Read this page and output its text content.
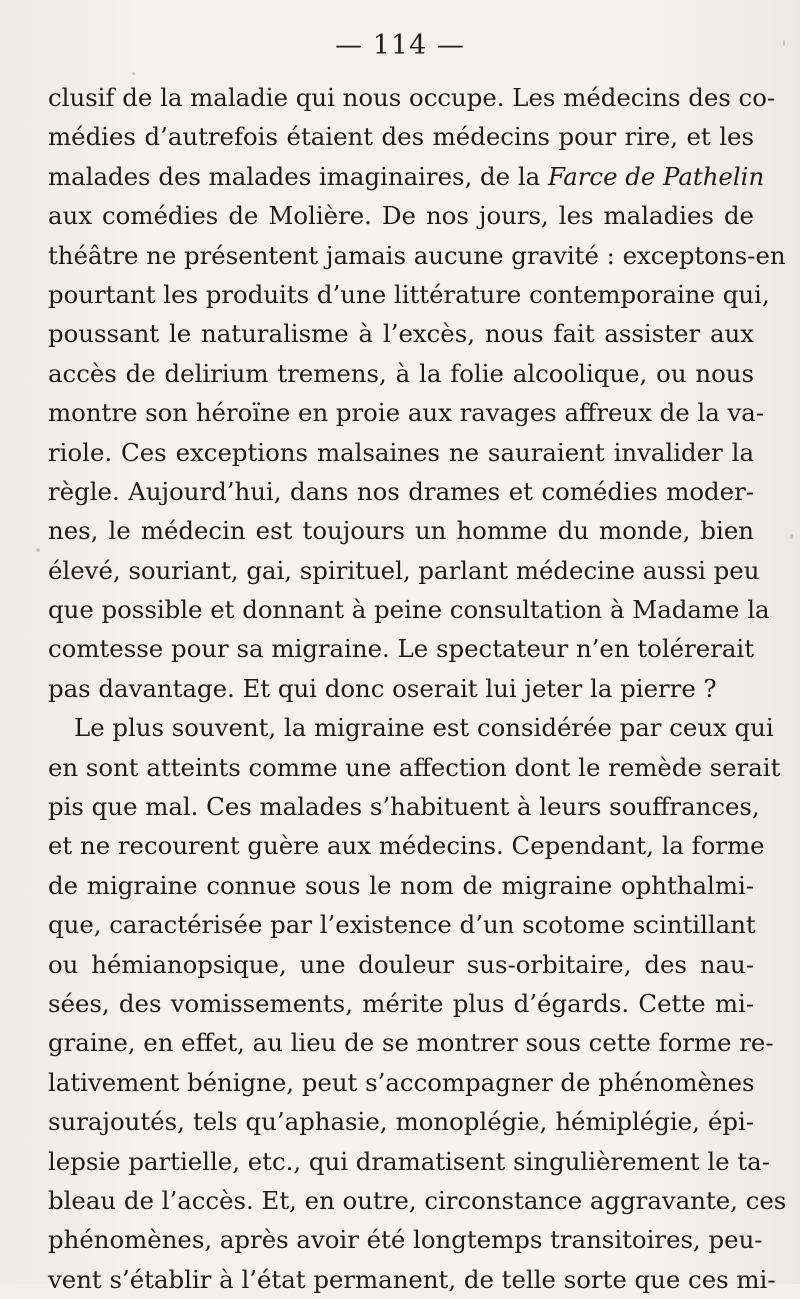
— 114 —
clusif de la maladie qui nous occupe. Les médecins des co-
médies d’autrefois étaient des médecins pour rire, et les
malades des malades imaginaires, de la Farce de Pathelin
aux comédies de Molière. De nos jours, les maladies de
théâtre ne présentent jamais aucune gravité : exceptons-en
pourtant les produits d’une littérature contemporaine qui,
poussant le naturalisme à l’excès, nous fait assister aux
accès de delirium tremens, à la folie alcoolique, ou nous
montre son héroïne en proie aux ravages affreux de la va-
riole. Ces exceptions malsaines ne sauraient invalider la
règle. Aujourd’hui, dans nos drames et comédies moder-
nes, le médecin est toujours un homme du monde, bien
élevé, souriant, gai, spirituel, parlant médecine aussi peu
que possible et donnant à peine consultation à Madame la
comtesse pour sa migraine. Le spectateur n’en tolérerait
pas davantage. Et qui donc oserait lui jeter la pierre ?
Le plus souvent, la migraine est considérée par ceux qui
en sont atteints comme une affection dont le remède serait
pis que mal. Ces malades s’habituent à leurs souffrances,
et ne recourent guère aux médecins. Cependant, la forme
de migraine connue sous le nom de migraine ophthalmi-
que, caractérisée par l’existence d’un scotome scintillant
ou hémianopsique, une douleur sus-orbitaire, des nau-
sées, des vomissements, mérite plus d’égards. Cette mi-
graine, en effet, au lieu de se montrer sous cette forme re-
lativement bénigne, peut s’accompagner de phénomènes
surajoutés, tels qu’aphasie, monoplégie, hémiplégie, épi-
lepsie partielle, etc., qui dramatisent singulièrement le ta-
bleau de l’accès. Et, en outre, circonstance aggravante, ces
phénomènes, après avoir été longtemps transitoires, peu-
vent s’établir à l’état permanent, de telle sorte que ces mi-
